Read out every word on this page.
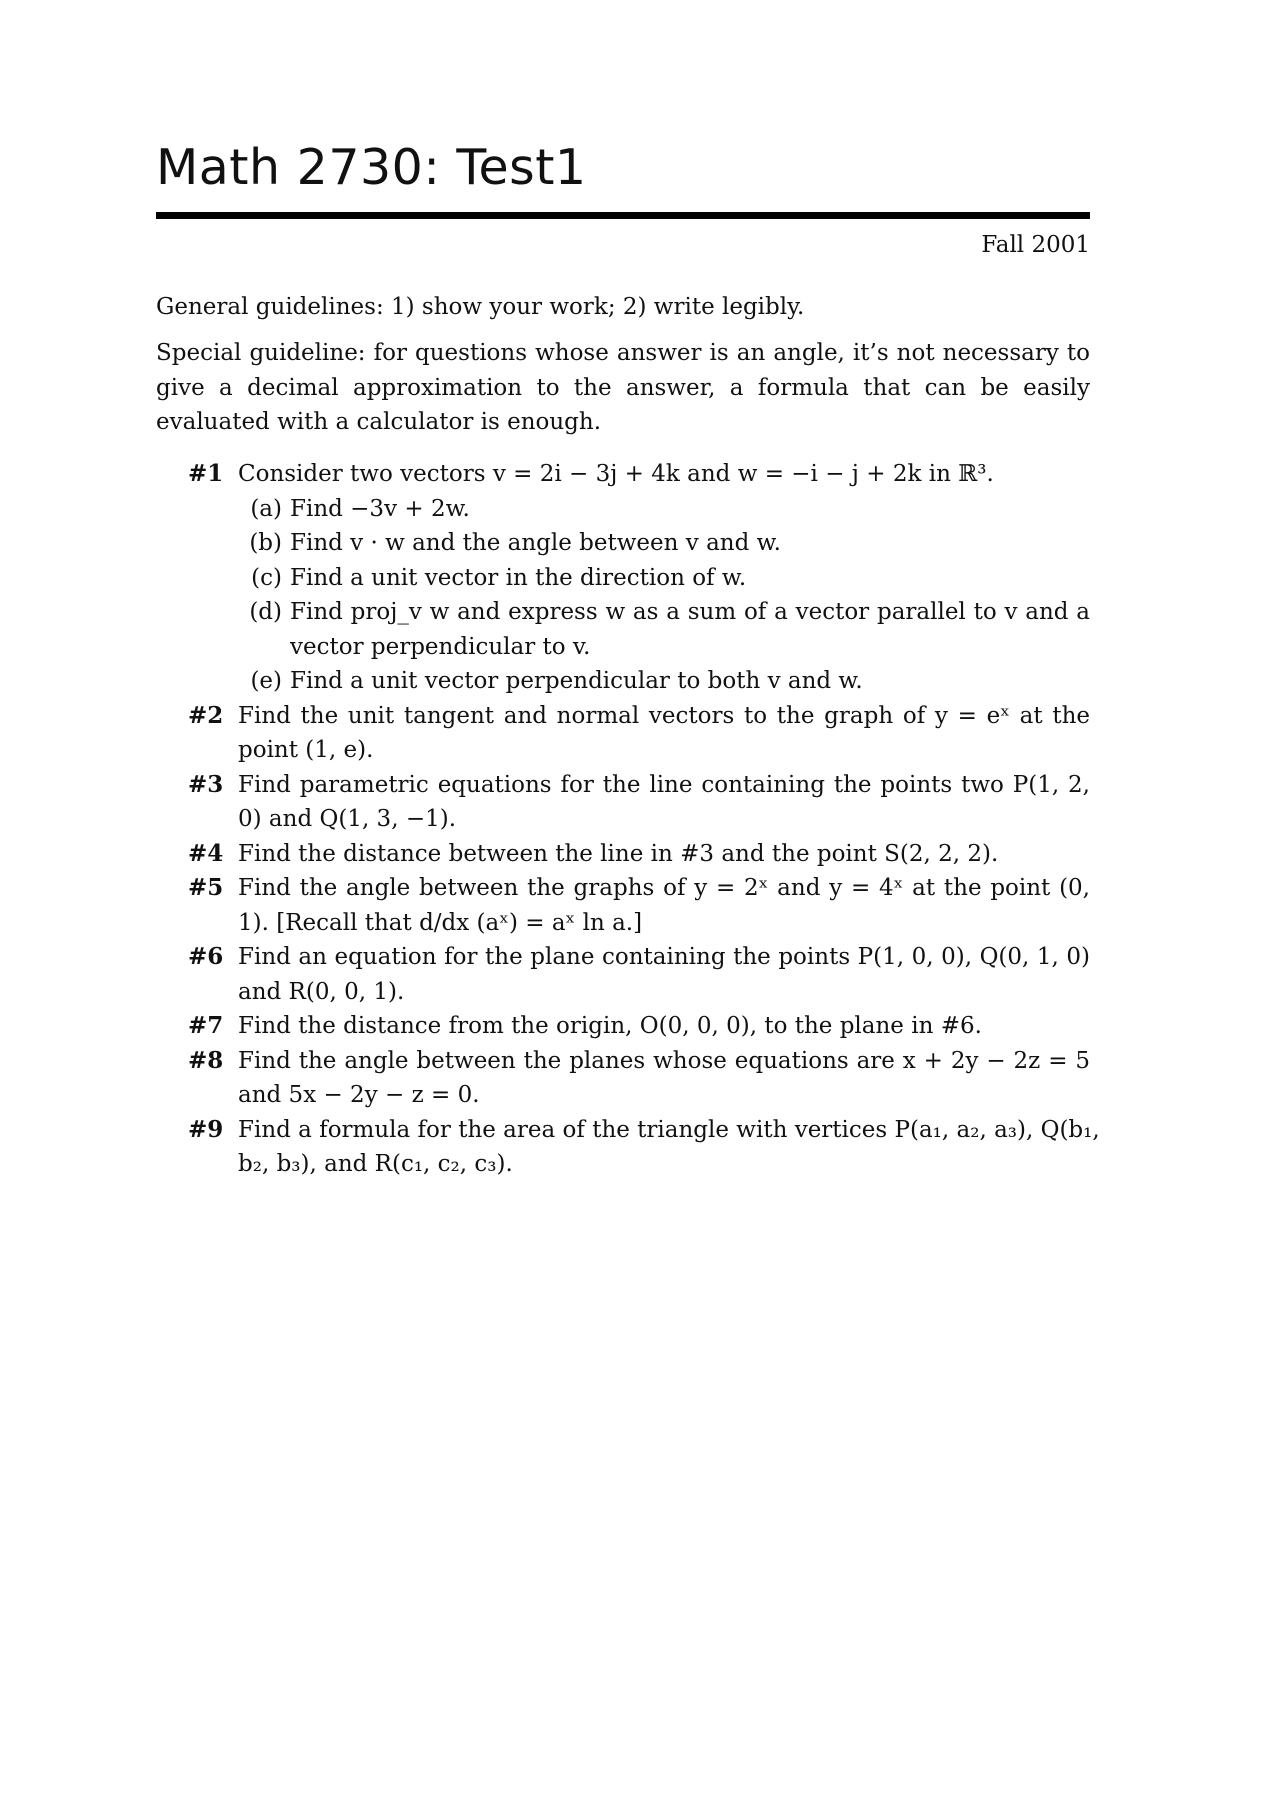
Math 2730: Test1
Fall 2001

General guidelines: 1) show your work; 2) write legibly.

Special guideline: for questions whose answer is an angle, it’s not necessary to give a decimal approximation to the answer, a formula that can be easily evaluated with a calculator is enough.

#1 Consider two vectors v = 2i − 3j + 4k and w = −i − j + 2k in ℝ³.
(a) Find −3v + 2w.
(b) Find v · w and the angle between v and w.
(c) Find a unit vector in the direction of w.
(d) Find proj_v w and express w as a sum of a vector parallel to v and a vector perpendicular to v.
(e) Find a unit vector perpendicular to both v and w.
#2 Find the unit tangent and normal vectors to the graph of y = eˣ at the point (1, e).
#3 Find parametric equations for the line containing the points two P(1, 2, 0) and Q(1, 3, −1).
#4 Find the distance between the line in #3 and the point S(2, 2, 2).
#5 Find the angle between the graphs of y = 2ˣ and y = 4ˣ at the point (0, 1). [Recall that d/dx (aˣ) = aˣ ln a.]
#6 Find an equation for the plane containing the points P(1, 0, 0), Q(0, 1, 0) and R(0, 0, 1).
#7 Find the distance from the origin, O(0, 0, 0), to the plane in #6.
#8 Find the angle between the planes whose equations are x + 2y − 2z = 5 and 5x − 2y − z = 0.
#9 Find a formula for the area of the triangle with vertices P(a₁, a₂, a₃), Q(b₁, b₂, b₃), and R(c₁, c₂, c₃).
